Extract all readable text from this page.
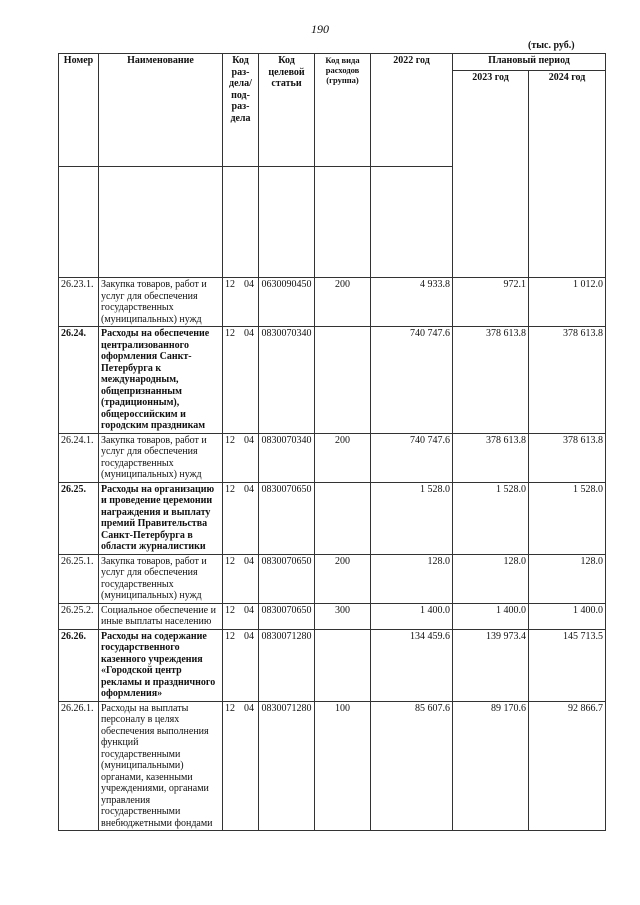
190
(тыс. руб.)
Номер	Наименование	Код раз-дела/ под-раз-дела	Код целевой статьи	Код вида расходов (группа)	2022 год	Плановый период	
						2023 год	2024 год

26.23.1.	Закупка товаров, работ и услуг для обеспечения государственных (муниципальных) нужд	12 04	0630090450	200	4 933.8	972.1	1 012.0
26.24.	Расходы на обеспечение централизованного оформления Санкт-Петербурга к международным, общепризнанным (традиционным), общероссийским и городским праздникам	12 04	0830070340		740 747.6	378 613.8	378 613.8
26.24.1.	Закупка товаров, работ и услуг для обеспечения государственных (муниципальных) нужд	12 04	0830070340	200	740 747.6	378 613.8	378 613.8
26.25.	Расходы на организацию и проведение церемонии награждения и выплату премий Правительства Санкт-Петербурга в области журналистики	12 04	0830070650		1 528.0	1 528.0	1 528.0
26.25.1.	Закупка товаров, работ и услуг для обеспечения государственных (муниципальных) нужд	12 04	0830070650	200	128.0	128.0	128.0
26.25.2.	Социальное обеспечение и иные выплаты населению	12 04	0830070650	300	1 400.0	1 400.0	1 400.0
26.26.	Расходы на содержание государственного казенного учреждения «Городской центр рекламы и праздничного оформления»	12 04	0830071280		134 459.6	139 973.4	145 713.5
26.26.1.	Расходы на выплаты персоналу в целях обеспечения выполнения функций государственными (муниципальными) органами, казенными учреждениями, органами управления государственными внебюджетными фондами	12 04	0830071280	100	85 607.6	89 170.6	92 866.7
